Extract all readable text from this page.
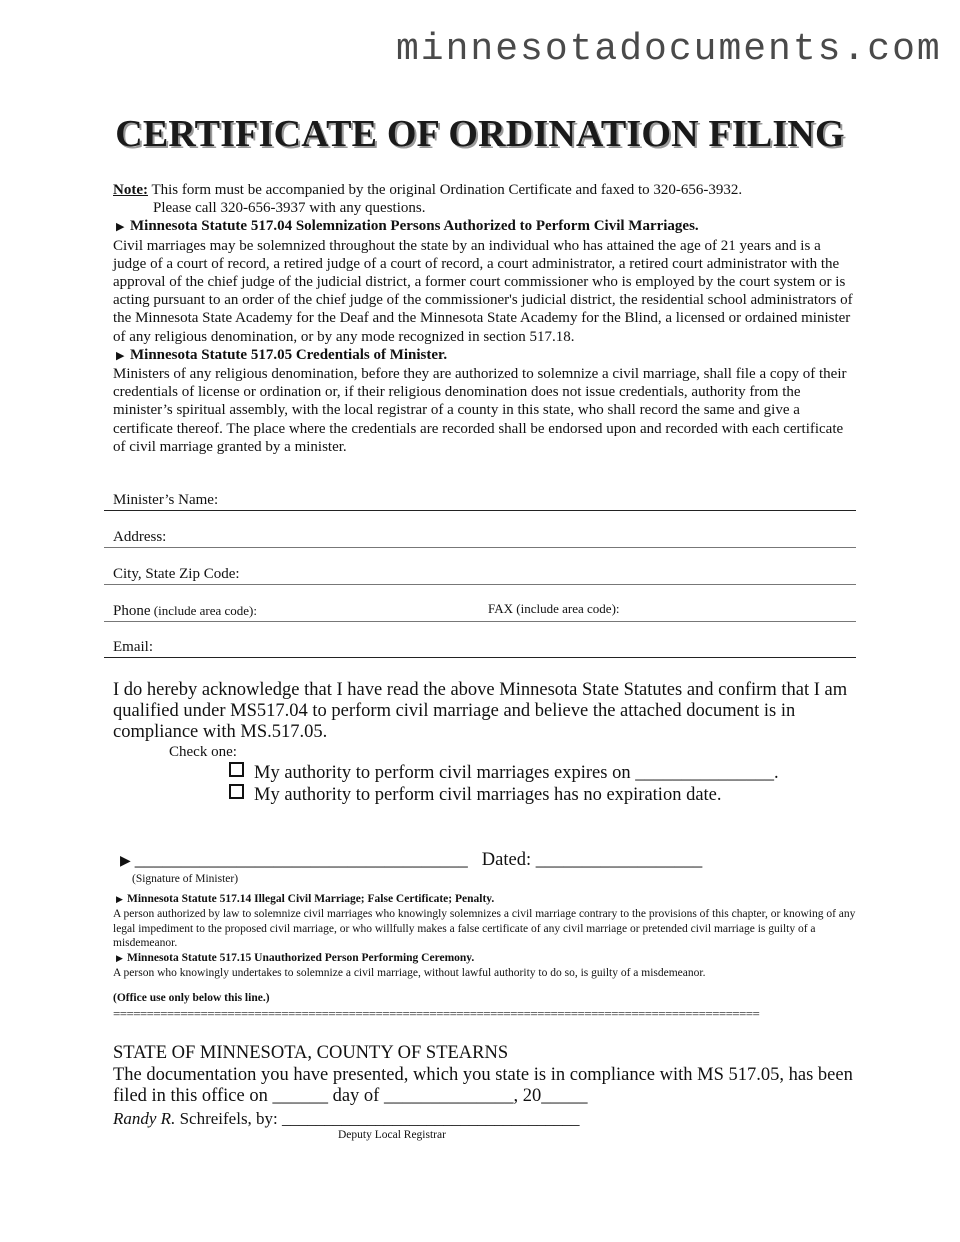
minnesotadocuments.com
CERTIFICATE OF ORDINATION FILING
Note: This form must be accompanied by the original Ordination Certificate and faxed to 320-656-3932.
Please call 320-656-3937 with any questions.
▶ Minnesota Statute 517.04 Solemnization Persons Authorized to Perform Civil Marriages.
Civil marriages may be solemnized throughout the state by an individual who has attained the age of 21 years and is a judge of a court of record, a retired judge of a court of record, a court administrator, a retired court administrator with the approval of the chief judge of the judicial district, a former court commissioner who is employed by the court system or is acting pursuant to an order of the chief judge of the commissioner's judicial district, the residential school administrators of the Minnesota State Academy for the Deaf and the Minnesota State Academy for the Blind, a licensed or ordained minister of any religious denomination, or by any mode recognized in section 517.18.
▶ Minnesota Statute 517.05 Credentials of Minister.
Ministers of any religious denomination, before they are authorized to solemnize a civil marriage, shall file a copy of their credentials of license or ordination or, if their religious denomination does not issue credentials, authority from the minister’s spiritual assembly, with the local registrar of a county in this state, who shall record the same and give a certificate thereof. The place where the credentials are recorded shall be endorsed upon and recorded with each certificate of civil marriage granted by a minister.
Minister’s Name:
Address:
City, State Zip Code:
Phone (include area code):	FAX (include area code):
Email:
I do hereby acknowledge that I have read the above Minnesota State Statutes and confirm that I am qualified under MS517.04 to perform civil marriage and believe the attached document is in compliance with MS.517.05.
Check one:
My authority to perform civil marriages expires on _______________.
My authority to perform civil marriages has no expiration date.
▶ ____________________________________ Dated: __________________
(Signature of Minister)
▶ Minnesota Statute 517.14 Illegal Civil Marriage; False Certificate; Penalty.
A person authorized by law to solemnize civil marriages who knowingly solemnizes a civil marriage contrary to the provisions of this chapter, or knowing of any legal impediment to the proposed civil marriage, or who willfully makes a false certificate of any civil marriage or pretended civil marriage is guilty of a misdemeanor.
▶ Minnesota Statute 517.15 Unauthorized Person Performing Ceremony.
A person who knowingly undertakes to solemnize a civil marriage, without lawful authority to do so, is guilty of a misdemeanor.
(Office use only below this line.)
================================================================================================
STATE OF MINNESOTA, COUNTY OF STEARNS
The documentation you have presented, which you state is in compliance with MS 517.05, has been filed in this office on ______ day of ______________, 20_____
Randy R. Schreifels, by: ___________________________________
Deputy Local Registrar
